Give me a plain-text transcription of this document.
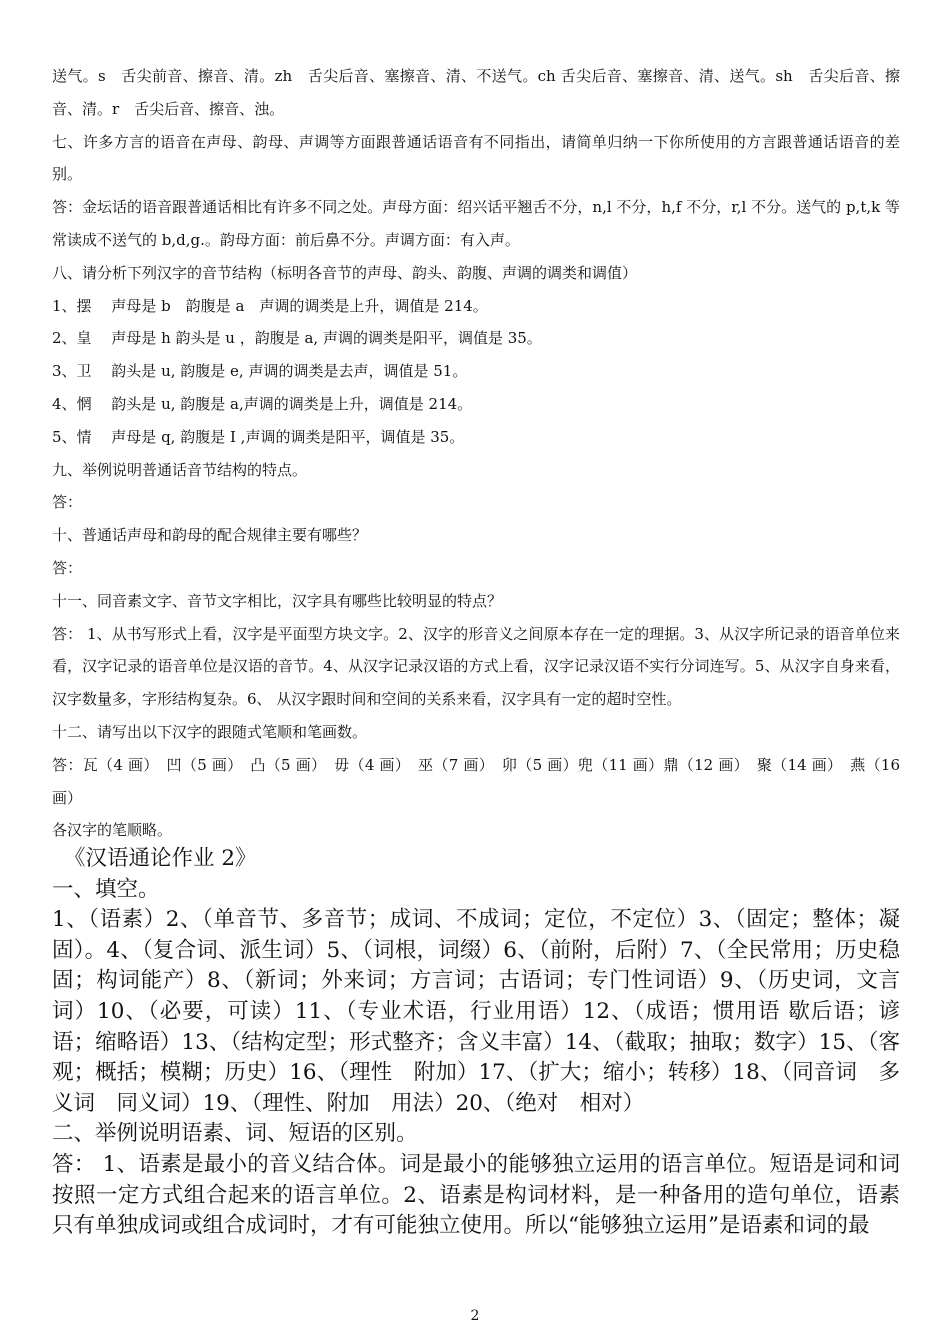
送气。s　舌尖前音、擦音、清。zh　舌尖后音、塞擦音、清、不送气。ch 舌尖后音、塞擦音、清、送气。sh　舌尖后音、擦音、清。r　舌尖后音、擦音、浊。

七、许多方言的语音在声母、韵母、声调等方面跟普通话语音有不同指出，请简单归纳一下你所使用的方言跟普通话语音的差别。

答：金坛话的语音跟普通话相比有许多不同之处。声母方面：绍兴话平翘舌不分，n,l 不分，h,f 不分，r,l 不分。送气的 p,t,k 等常读成不送气的 b,d,g.。韵母方面：前后鼻不分。声调方面：有入声。

八、请分析下列汉字的音节结构（标明各音节的声母、韵头、韵腹、声调的调类和调值）

1、摆　 声母是 b　韵腹是 a　声调的调类是上升，调值是 214。

2、皇　 声母是 h 韵头是 u ，韵腹是 a, 声调的调类是阳平，调值是 35。

3、卫　 韵头是 u, 韵腹是 e, 声调的调类是去声，调值是 51。

4、惘　 韵头是 u, 韵腹是 a,声调的调类是上升，调值是 214。

5、情　 声母是 q, 韵腹是 I ,声调的调类是阳平，调值是 35。

九、举例说明普通话音节结构的特点。

答：

十、普通话声母和韵母的配合规律主要有哪些？

答：

十一、同音素文字、音节文字相比，汉字具有哪些比较明显的特点？

答： 1、从书写形式上看，汉字是平面型方块文字。2、汉字的形音义之间原本存在一定的理据。3、从汉字所记录的语音单位来看，汉字记录的语音单位是汉语的音节。4、从汉字记录汉语的方式上看，汉字记录汉语不实行分词连写。5、从汉字自身来看，汉字数量多，字形结构复杂。6、 从汉字跟时间和空间的关系来看，汉字具有一定的超时空性。

十二、请写出以下汉字的跟随式笔顺和笔画数。

答：瓦（4 画）　凹（5 画）　凸（5 画）　毋（4 画）　巫（7 画）　卯（5 画）兜（11 画）鼎（12 画）　聚（14 画）　燕（16 画）

各汉字的笔顺略。

《汉语通论作业 2》

一、填空。

1、（语素）2、（单音节、多音节；成词、不成词；定位，不定位）3、（固定；整体；凝固）。4、（复合词、派生词）5、（词根，词缀）6、（前附，后附）7、（全民常用；历史稳固；构词能产）8、（新词；外来词；方言词；古语词；专门性词语）9、（历史词，文言词）10、（必要，可读）11、（专业术语，行业用语）12、（成语；惯用语 歇后语；谚语；缩略语）13、（结构定型；形式整齐；含义丰富）14、（截取；抽取；数字）15、（客观；概括；模糊；历史）16、（理性　附加）17、（扩大；缩小；转移）18、（同音词　多义词　同义词）19、（理性、附加　用法）20、（绝对　相对）

二、举例说明语素、词、短语的区别。

答： 1、语素是最小的音义结合体。词是最小的能够独立运用的语言单位。短语是词和词按照一定方式组合起来的语言单位。2、语素是构词材料，是一种备用的造句单位，语素只有单独成词或组合成词时，才有可能独立使用。所以“能够独立运用”是语素和词的最

2
